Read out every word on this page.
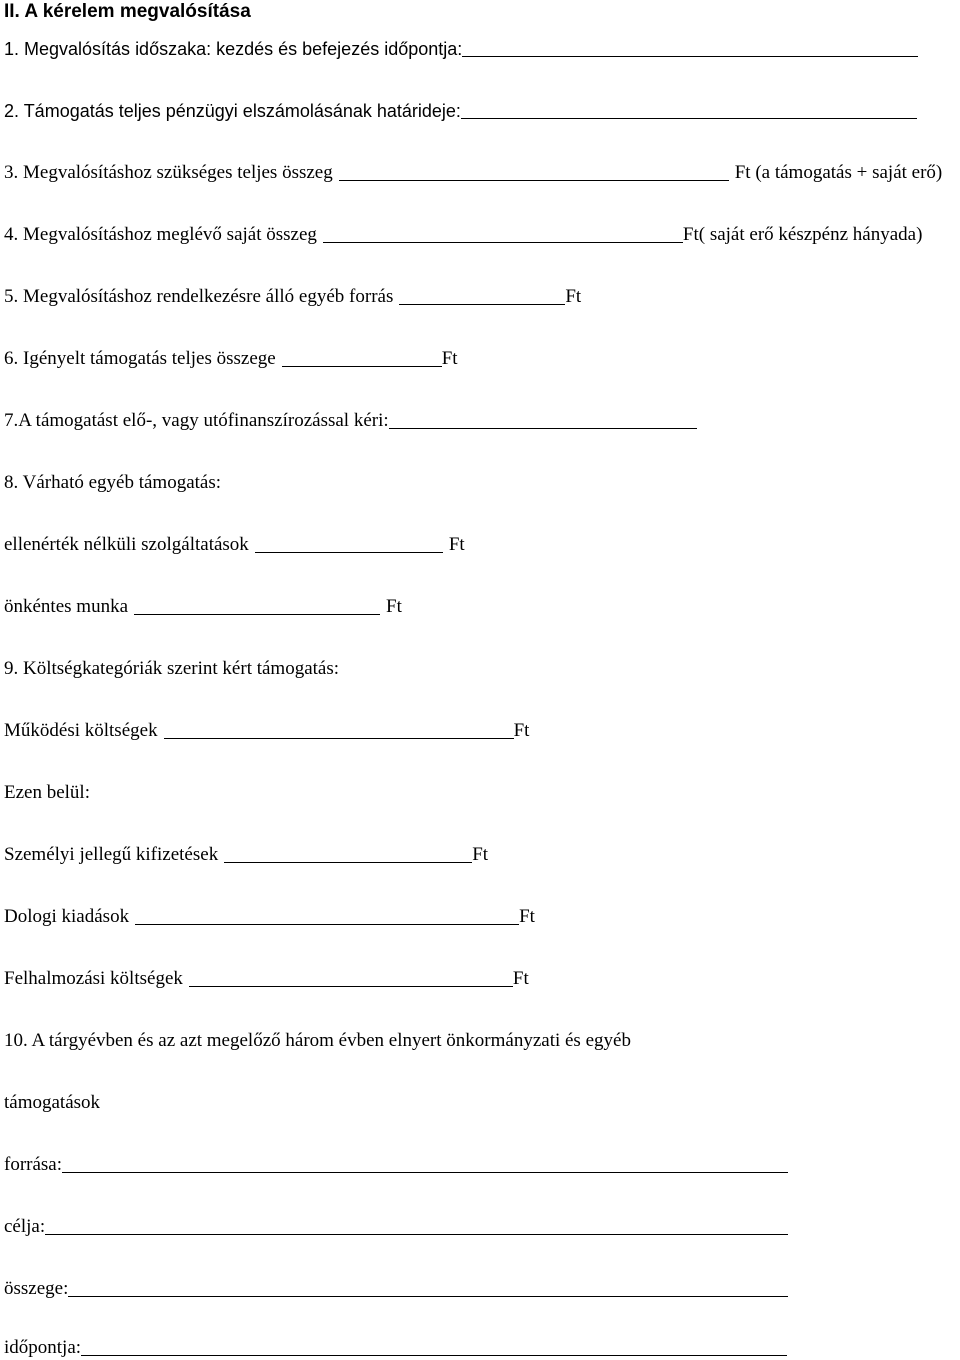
II. A kérelem megvalósítása
1. Megvalósítás időszaka: kezdés és befejezés időpontja:
2. Támogatás teljes pénzügyi elszámolásának határideje:
3. Megvalósításhoz szükséges teljes összeg	Ft (a támogatás + saját erő)
4. Megvalósításhoz meglévő saját összeg	Ft( saját erő készpénz hányada)
5. Megvalósításhoz rendelkezésre álló egyéb forrás	Ft
6. Igényelt támogatás teljes összege	Ft
7.A támogatást elő-, vagy utófinanszírozással kéri:
8. Várható egyéb támogatás:
ellenérték nélküli szolgáltatások	Ft
önkéntes munka	Ft
9. Költségkategóriák szerint kért támogatás:
Működési költségek	Ft
Ezen belül:
Személyi jellegű kifizetések	Ft
Dologi kiadások	Ft
Felhalmozási költségek	Ft
10. A tárgyévben és az azt megelőző három évben elnyert önkormányzati és egyéb
támogatások
forrása:
célja:
összege:
időpontja:
